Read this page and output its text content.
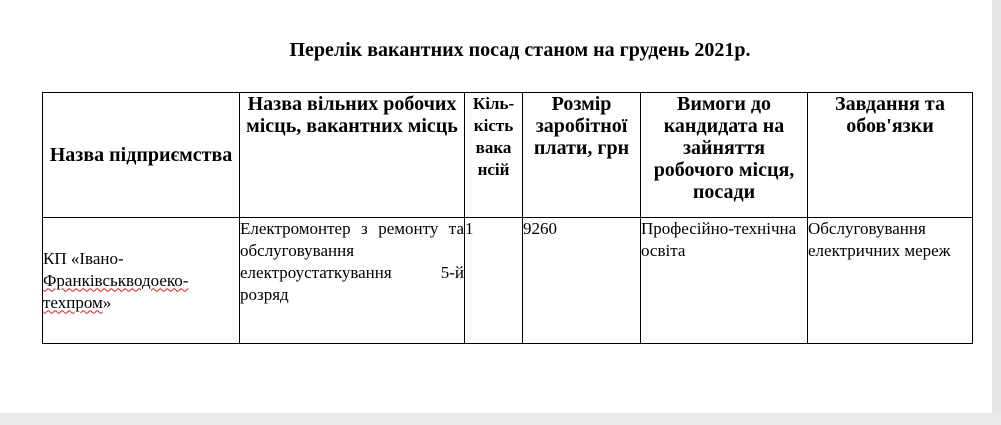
Перелік вакантних посад станом на грудень 2021р.
Назва підприємства	Назва вільних робочих місць, вакантних місць	Кіль-кість вака нсій	Розмір заробітної плати, грн	Вимоги до кандидата на зайняття робочого місця, посади	Завдання та обов'язки
КП «Івано- Франківськводоеко-техпром»	Електромонтер з ремонту та обслуговування електроустаткування 5-й розряд	1	9260	Професійно-технічна освіта	Обслуговування електричних мереж
